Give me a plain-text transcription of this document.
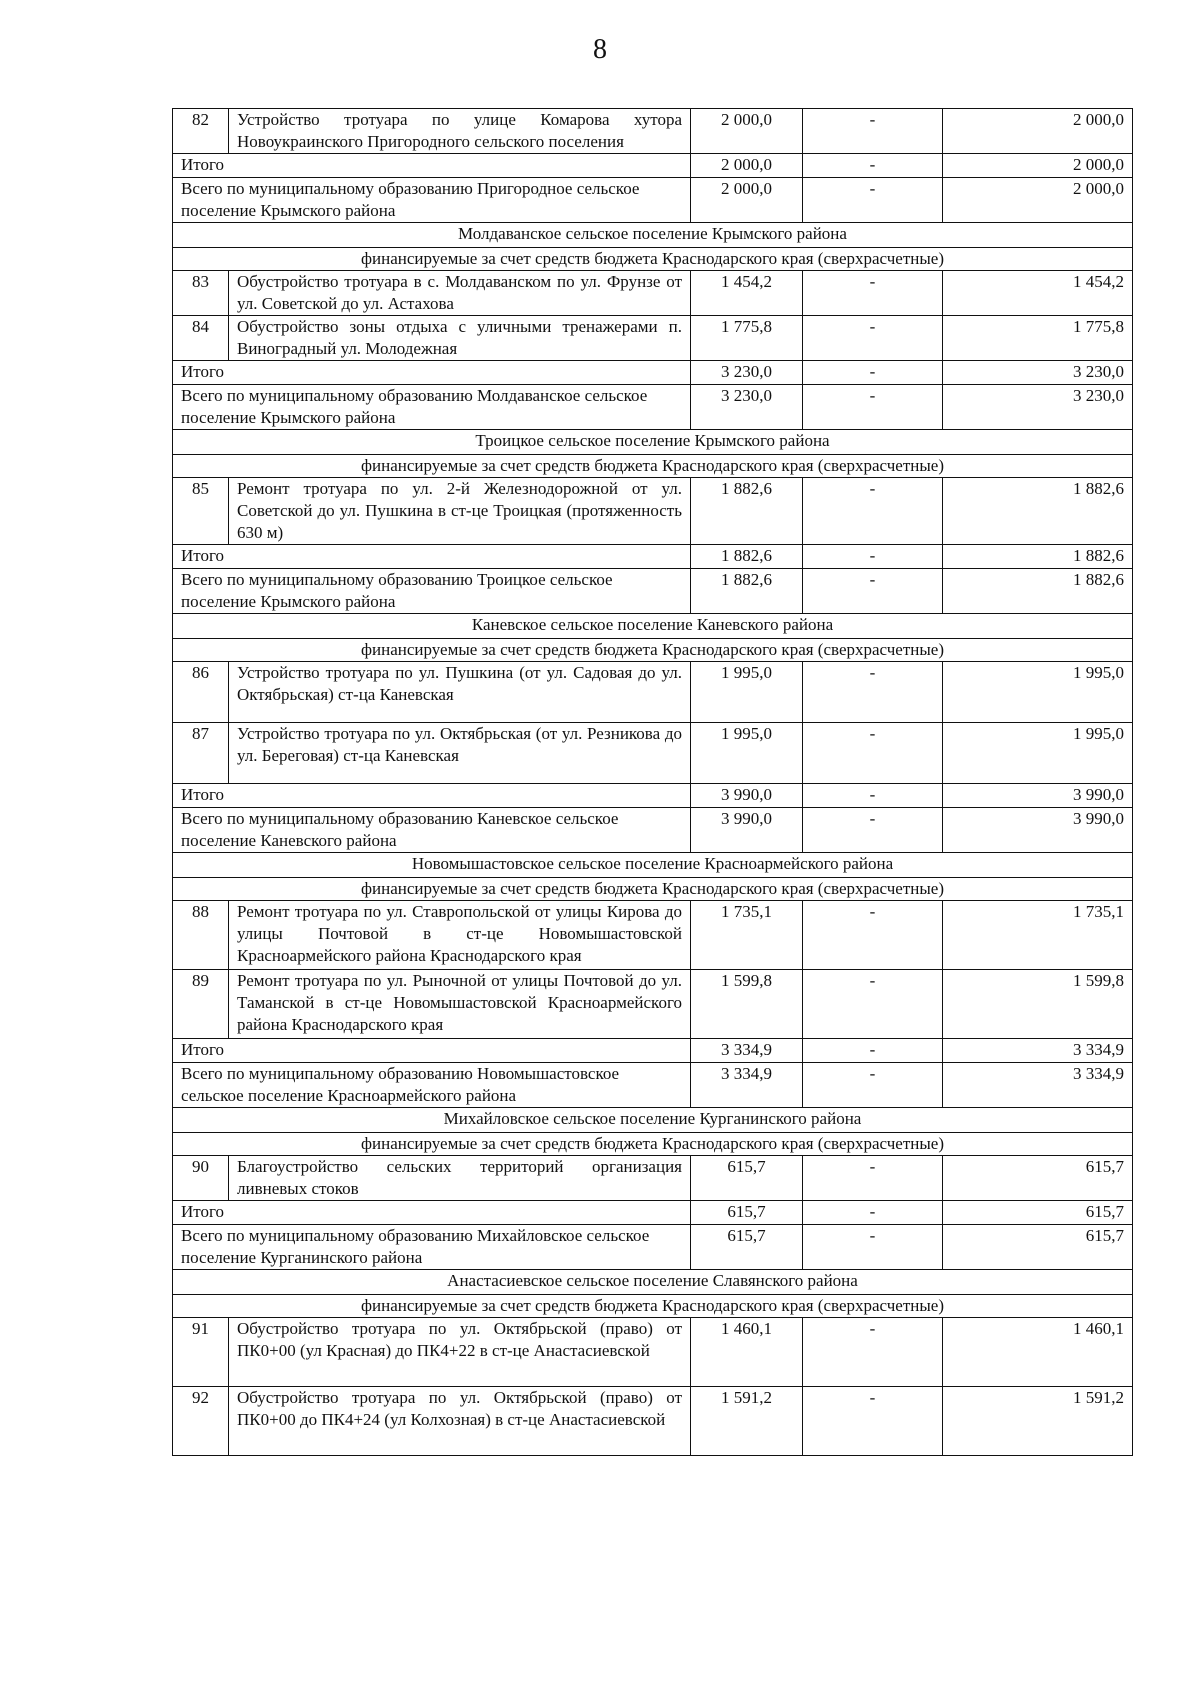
8
82	Устройство тротуара по улице Комарова хутора Новоукраинского Пригородного сельского поселения	2 000,0	-	2 000,0
Итого		2 000,0	-	2 000,0
Всего по муниципальному образованию Пригородное сельское поселение Крымского района		2 000,0	-	2 000,0
Молдаванское сельское поселение Крымского района				
финансируемые за счет средств бюджета Краснодарского края (сверхрасчетные)				
83	Обустройство тротуара в с. Молдаванском по ул. Фрунзе от ул. Советской до ул. Астахова	1 454,2	-	1 454,2
84	Обустройство зоны отдыха с уличными тренажерами п. Виноградный ул. Молодежная	1 775,8	-	1 775,8
Итого		3 230,0	-	3 230,0
Всего по муниципальному образованию Молдаванское сельское поселение Крымского района		3 230,0	-	3 230,0
Троицкое сельское поселение Крымского района				
финансируемые за счет средств бюджета Краснодарского края (сверхрасчетные)				
85	Ремонт тротуара по ул. 2-й Железнодорожной от ул. Советской до ул. Пушкина в ст-це Троицкая (протяженность 630 м)	1 882,6	-	1 882,6
Итого		1 882,6	-	1 882,6
Всего по муниципальному образованию Троицкое сельское поселение Крымского района		1 882,6	-	1 882,6
Каневское сельское поселение Каневского района				
финансируемые за счет средств бюджета Краснодарского края (сверхрасчетные)				
86	Устройство тротуара по ул. Пушкина (от ул. Садовая до ул. Октябрьская) ст-ца Каневская	1 995,0	-	1 995,0
87	Устройство тротуара по ул. Октябрьская (от ул. Резникова до ул. Береговая) ст-ца Каневская	1 995,0	-	1 995,0
Итого		3 990,0	-	3 990,0
Всего по муниципальному образованию Каневское сельское поселение Каневского района		3 990,0	-	3 990,0
Новомышастовское сельское поселение Красноармейского района				
финансируемые за счет средств бюджета Краснодарского края (сверхрасчетные)				
88	Ремонт тротуара по ул. Ставропольской от улицы Кирова до улицы Почтовой в ст-це Новомышастовской Красноармейского района Краснодарского края	1 735,1	-	1 735,1
89	Ремонт тротуара по ул. Рыночной от улицы Почтовой до ул. Таманской в ст-це Новомышастовской Красноармейского района Краснодарского края	1 599,8	-	1 599,8
Итого		3 334,9	-	3 334,9
Всего по муниципальному образованию Новомышастовское сельское поселение Красноармейского района		3 334,9	-	3 334,9
Михайловское сельское поселение Курганинского района				
финансируемые за счет средств бюджета Краснодарского края (сверхрасчетные)				
90	Благоустройство сельских территорий организация ливневых стоков	615,7	-	615,7
Итого		615,7	-	615,7
Всего по муниципальному образованию Михайловское сельское поселение Курганинского района		615,7	-	615,7
Анастасиевское сельское поселение Славянского района				
финансируемые за счет средств бюджета Краснодарского края (сверхрасчетные)				
91	Обустройство тротуара по ул. Октябрьской (право) от ПК0+00 (ул Красная) до ПК4+22 в ст-це Анастасиевской	1 460,1	-	1 460,1
92	Обустройство тротуара по ул. Октябрьской (право) от ПК0+00 до ПК4+24 (ул Колхозная) в ст-це Анастасиевской	1 591,2	-	1 591,2
